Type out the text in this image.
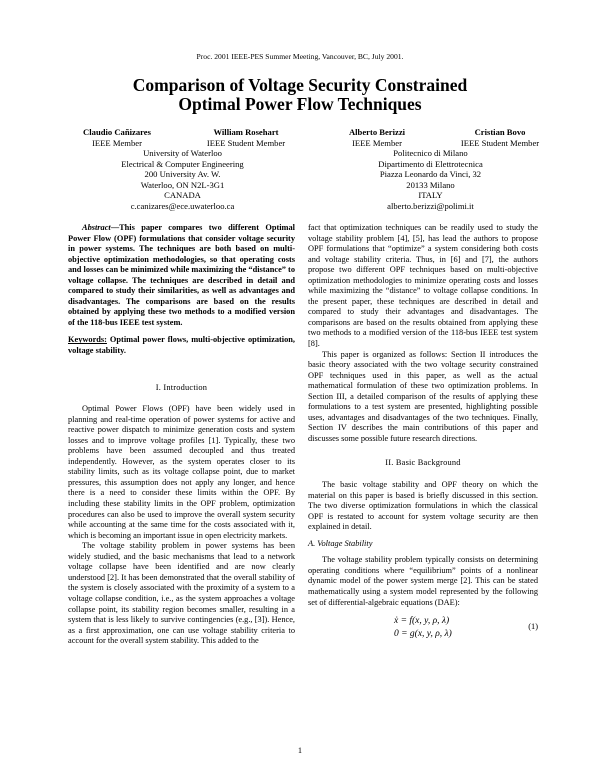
Proc. 2001 IEEE-PES Summer Meeting, Vancouver, BC, July 2001.
Comparison of Voltage Security Constrained
Optimal Power Flow Techniques
Claudio Cañizares
IEEE Member
William Rosehart
IEEE Student Member
Alberto Berizzi
IEEE Member
Cristian Bovo
IEEE Student Member
University of Waterloo
Electrical & Computer Engineering
200 University Av. W.
Waterloo, ON N2L-3G1
CANADA
c.canizares@ece.uwaterloo.ca
Politecnico di Milano
Dipartimento di Elettrotecnica
Piazza Leonardo da Vinci, 32
20133 Milano
ITALY
alberto.berizzi@polimi.it

Abstract—This paper compares two different Optimal Power Flow (OPF) formulations that consider voltage security in power systems. The techniques are both based on multi-objective optimization methodologies, so that operating costs and losses can be minimized while maximizing the “distance” to voltage collapse. The techniques are described in detail and compared to study their similarities, as well as advantages and disadvantages. The comparisons are based on the results obtained by applying these two methods to a modified version of the 118-bus IEEE test system.

Keywords: Optimal power flows, multi-objective optimization, voltage stability.

I. Introduction

Optimal Power Flows (OPF) have been widely used in planning and real-time operation of power systems for active and reactive power dispatch to minimize generation costs and system losses and to improve voltage profiles [1]. Typically, these two problems have been assumed decoupled and thus treated independently. However, as the system operates closer to its stability limits, such as its voltage collapse point, due to market pressures, this assumption does not apply any longer, and hence there is a need to consider these limits within the OPF. By including these stability limits in the OPF problem, optimization procedures can also be used to improve the overall system security while accounting at the same time for the costs associated with it, which is becoming an important issue in open electricity markets.

The voltage stability problem in power systems has been widely studied, and the basic mechanisms that lead to a network voltage collapse have been identified and are now clearly understood [2]. It has been demonstrated that the overall stability of the system is closely associated with the proximity of a system to a voltage collapse condition, i.e., as the system approaches a voltage collapse point, its stability region becomes smaller, resulting in a system that is less likely to survive contingencies (e.g., [3]). Hence, as a first approximation, one can use voltage stability criteria to account for the overall system stability. This added to the

fact that optimization techniques can be readily used to study the voltage stability problem [4], [5], has lead the authors to propose OPF formulations that “optimize” a system considering both costs and voltage stability criteria. Thus, in [6] and [7], the authors propose two different OPF techniques based on multi-objective optimization methodologies to minimize operating costs and losses while maximizing the “distance” to voltage collapse conditions. In the present paper, these techniques are described in detail and compared to study their advantages and disadvantages. The comparisons are based on the results obtained from applying these two methods to a modified version of the 118-bus IEEE test system [8].

This paper is organized as follows: Section II introduces the basic theory associated with the two voltage security constrained OPF techniques used in this paper, as well as the actual mathematical formulation of these two optimization problems. In Section III, a detailed comparison of the results of applying these formulations to a test system are presented, highlighting possible uses, advantages and disadvantages of the two techniques. Finally, Section IV describes the main contributions of this paper and discusses some possible future research directions.

II. Basic Background

The basic voltage stability and OPF theory on which the material on this paper is based is briefly discussed in this section. The two diverse optimization formulations in which the classical OPF is restated to account for system voltage security are then explained in detail.

A. Voltage Stability

The voltage stability problem typically consists on determining operating conditions where “equilibrium” points of a nonlinear dynamic model of the power system merge [2]. This can be stated mathematically using a system model represented by the following set of differential-algebraic equations (DAE):

ẋ = f(x, y, ρ, λ)
0 = g(x, y, ρ, λ)
(1)
1
